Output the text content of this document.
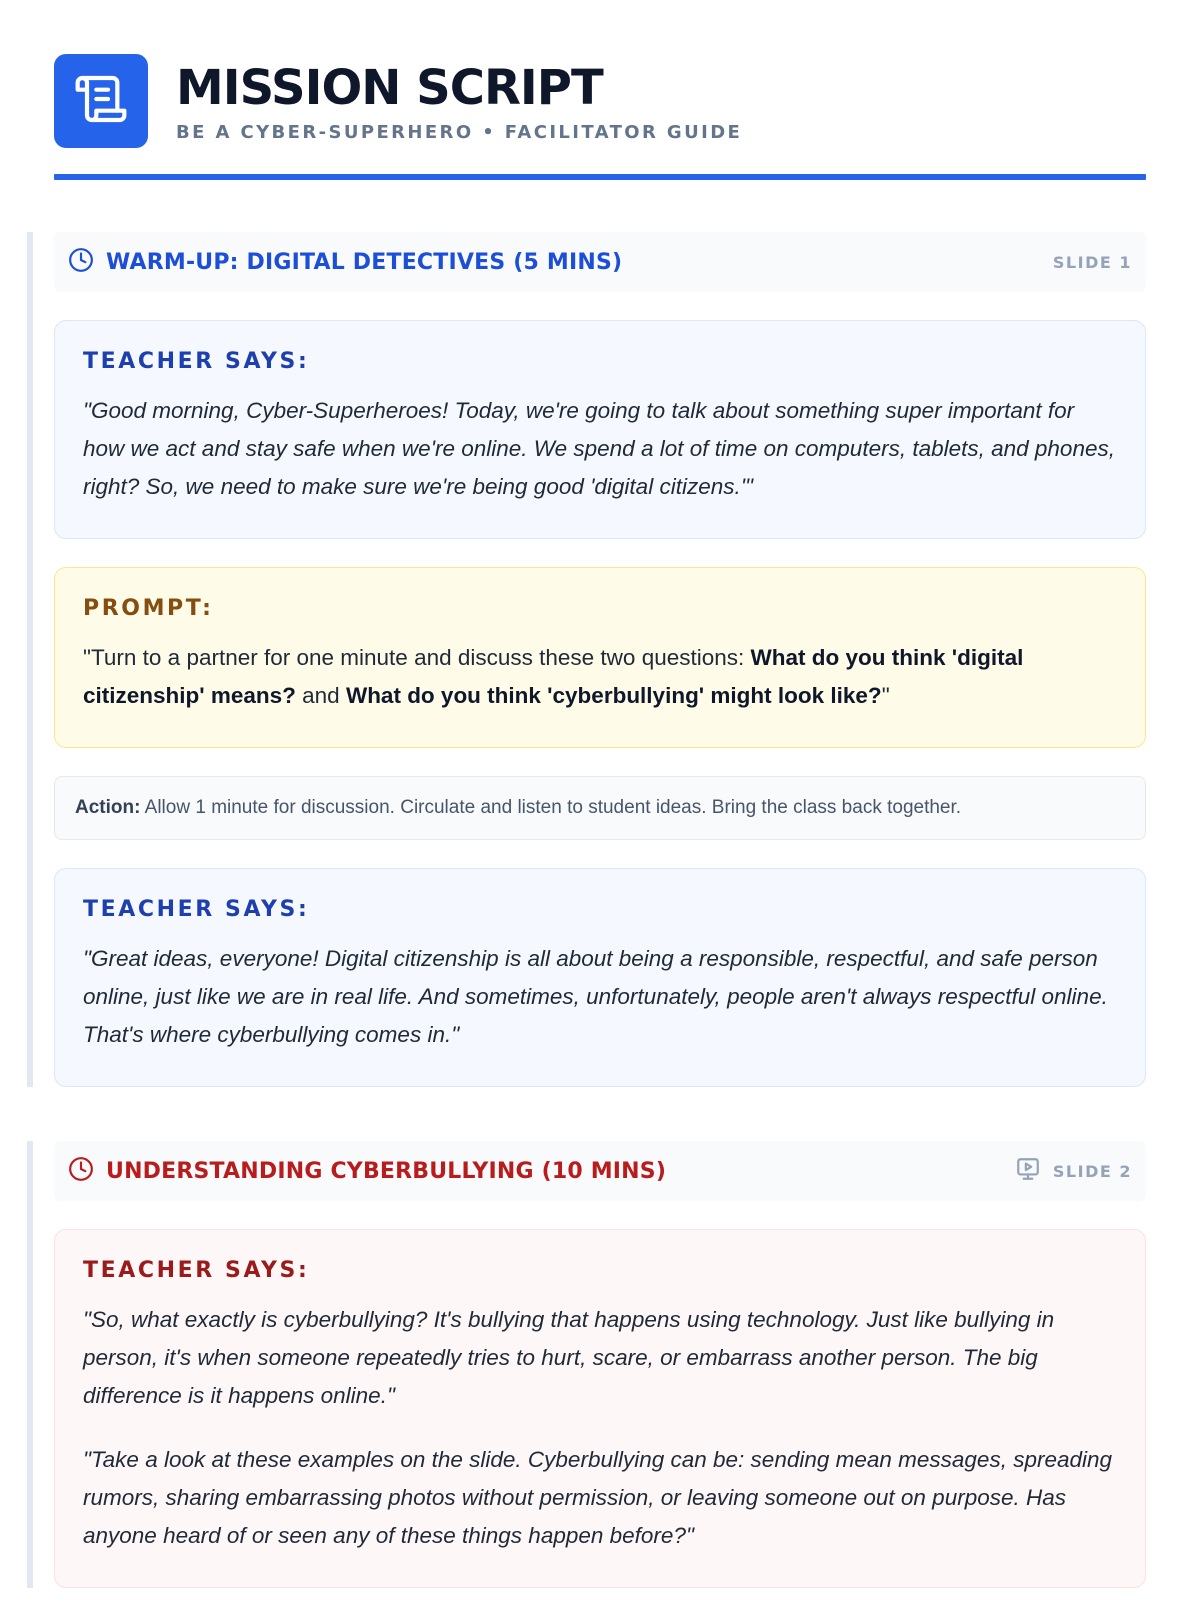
MISSION SCRIPT
BE A CYBER-SUPERHERO • FACILITATOR GUIDE
WARM-UP: DIGITAL DETECTIVES (5 MINS)	SLIDE 1
TEACHER SAYS:

"Good morning, Cyber-Superheroes! Today, we're going to talk about something super important for how we act and stay safe when we're online. We spend a lot of time on computers, tablets, and phones, right? So, we need to make sure we're being good 'digital citizens.'"

PROMPT:

"Turn to a partner for one minute and discuss these two questions: What do you think 'digital citizenship' means? and What do you think 'cyberbullying' might look like?"

Action: Allow 1 minute for discussion. Circulate and listen to student ideas. Bring the class back together.
TEACHER SAYS:

"Great ideas, everyone! Digital citizenship is all about being a responsible, respectful, and safe person online, just like we are in real life. And sometimes, unfortunately, people aren't always respectful online. That's where cyberbullying comes in."

UNDERSTANDING CYBERBULLYING (10 MINS)	SLIDE 2
TEACHER SAYS:

"So, what exactly is cyberbullying? It's bullying that happens using technology. Just like bullying in person, it's when someone repeatedly tries to hurt, scare, or embarrass another person. The big difference is it happens online."

"Take a look at these examples on the slide. Cyberbullying can be: sending mean messages, spreading rumors, sharing embarrassing photos without permission, or leaving someone out on purpose. Has anyone heard of or seen any of these things happen before?"
